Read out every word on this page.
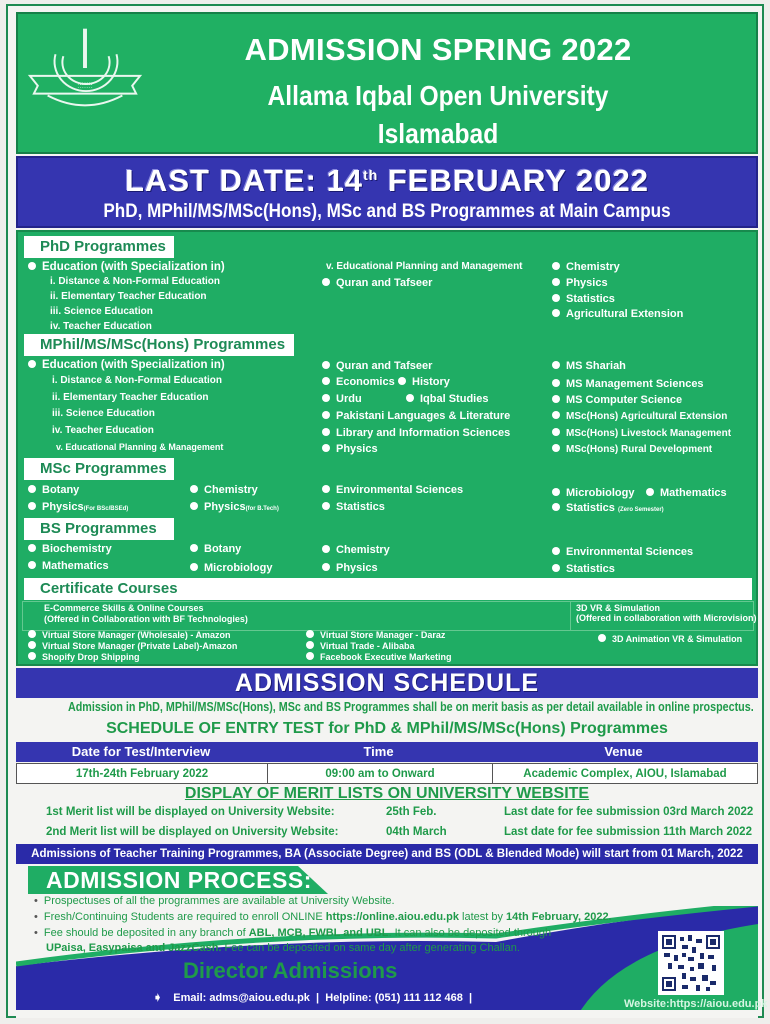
ⵗⵗⵗⵗⵗⵗⵗ
ADMISSION SPRING 2022
Allama Iqbal Open University
Islamabad
LAST DATE: 14th FEBRUARY 2022
PhD, MPhil/MS/MSc(Hons), MSc and BS Programmes at Main Campus
PhD Programmes
Education (with Specialization in)
i. Distance & Non-Formal Education
ii. Elementary Teacher Education
iii. Science Education
iv. Teacher Education
v. Educational Planning and Management
Quran and Tafseer
Chemistry
Physics
Statistics
Agricultural Extension
MPhil/MS/MSc(Hons) Programmes
Education (with Specialization in)
i. Distance & Non-Formal Education
ii. Elementary Teacher Education
iii. Science Education
iv. Teacher Education
v. Educational Planning & Management
Quran and Tafseer
Economics	History
Urdu	Iqbal Studies
Pakistani Languages & Literature
Library and Information Sciences
Physics
MS Shariah
MS Management Sciences
MS Computer Science
MSc(Hons) Agricultural Extension
MSc(Hons) Livestock Management
MSc(Hons) Rural Development
MSc Programmes
Botany	Chemistry	Environmental Sciences	Microbiology	Mathematics
Physics(For BSc/BSEd)	Physics(for B.Tech)	Statistics	Statistics (Zero Semester)
BS Programmes
Biochemistry	Botany	Chemistry	Environmental Sciences
Mathematics	Microbiology	Physics	Statistics
Certificate Courses
E-Commerce Skills & Online Courses
(Offered in Collaboration with BF Technologies)
3D VR & Simulation
(Offered in collaboration with Microvision)
Virtual Store Manager (Wholesale) - Amazon
Virtual Store Manager (Private Label)-Amazon
Shopify Drop Shipping
Virtual Store Manager - Daraz
Virtual Trade - Alibaba
Facebook Executive Marketing
3D Animation VR & Simulation
ADMISSION SCHEDULE
Admission in PhD, MPhil/MS/MSc(Hons), MSc and BS Programmes shall be on merit basis as per detail available in online prospectus.
SCHEDULE OF ENTRY TEST for PhD & MPhil/MS/MSc(Hons) Programmes
Date for Test/Interview	Time	Venue
17th-24th February 2022	09:00 am to Onward	Academic Complex, AIOU, Islamabad
DISPLAY OF MERIT LISTS ON UNIVERSITY WEBSITE
1st Merit list will be displayed on University Website:	25th Feb.	Last date for fee submission 03rd March 2022
2nd Merit list will be displayed on University Website:	04th March	Last date for fee submission 11th March 2022
Admissions of Teacher Training Programmes, BA (Associate Degree) and BS (ODL & Blended Mode) will start from 01 March, 2022
ADMISSION PROCESS:
• Prospectuses of all the programmes are available at University Website.
• Fresh/Continuing Students are required to enroll ONLINE https://online.aiou.edu.pk latest by 14th February, 2022.
• Fee should be deposited in any branch of ABL, MCB, FWBL and UBL. It can also be deposited through
UPaisa, Easypaisa and JazzCash. Fee can be deposited on same day after generating Challan.
Director Admissions
➧ Email: adms@aiou.edu.pk  |  Helpline: (051) 111 112 468  |	Website:https://aiou.edu.pk
